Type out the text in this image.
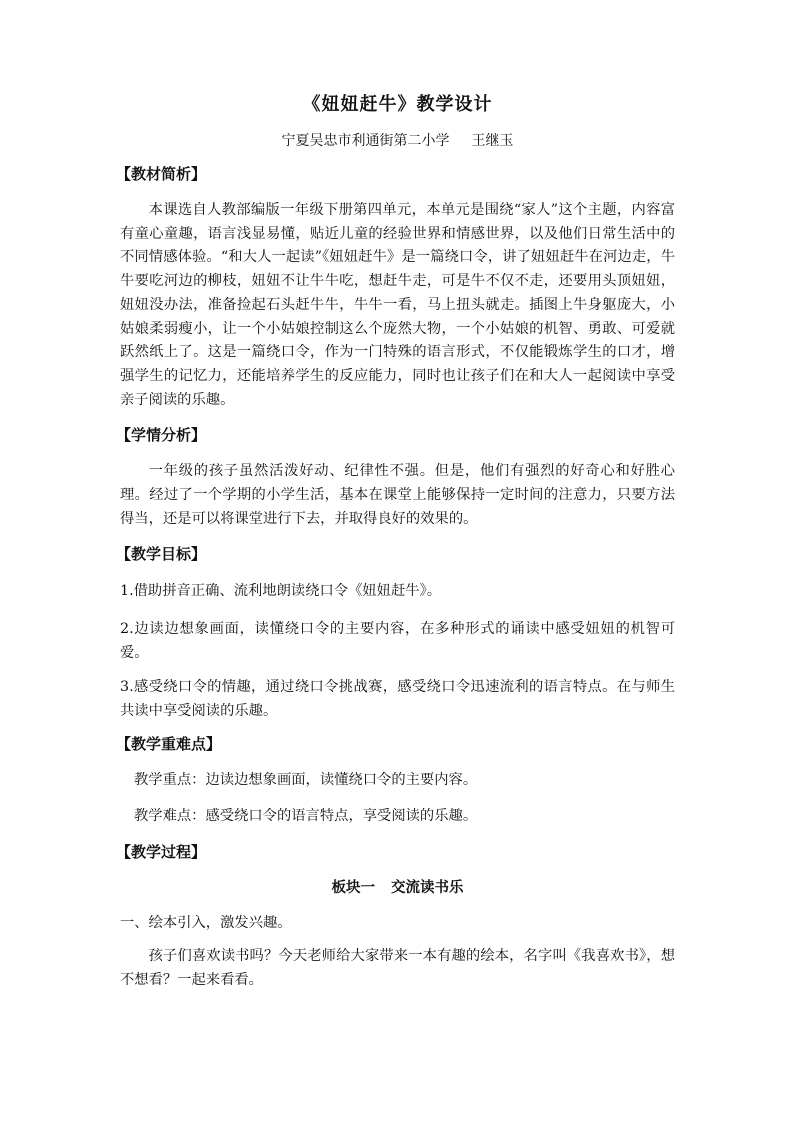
《妞妞赶牛》教学设计
宁夏吴忠市利通街第二小学 王继玉
【教材简析】

本课选自人教部编版一年级下册第四单元，本单元是围绕“家人”这个主题，内容富有童心童趣，语言浅显易懂，贴近儿童的经验世界和情感世界，以及他们日常生活中的不同情感体验。“和大人一起读”《妞妞赶牛》是一篇绕口令，讲了妞妞赶牛在河边走，牛牛要吃河边的柳枝，妞妞不让牛牛吃，想赶牛走，可是牛不仅不走，还要用头顶妞妞，妞妞没办法，准备捡起石头赶牛牛，牛牛一看，马上扭头就走。插图上牛身躯庞大，小姑娘柔弱瘦小，让一个小姑娘控制这么个庞然大物，一个小姑娘的机智、勇敢、可爱就跃然纸上了。这是一篇绕口令，作为一门特殊的语言形式，不仅能锻炼学生的口才，增强学生的记忆力，还能培养学生的反应能力，同时也让孩子们在和大人一起阅读中享受亲子阅读的乐趣。

【学情分析】

一年级的孩子虽然活泼好动、纪律性不强。但是，他们有强烈的好奇心和好胜心理。经过了一个学期的小学生活，基本在课堂上能够保持一定时间的注意力，只要方法得当，还是可以将课堂进行下去，并取得良好的效果的。

【教学目标】

1.借助拼音正确、流利地朗读绕口令《妞妞赶牛》。

2.边读边想象画面，读懂绕口令的主要内容，在多种形式的诵读中感受妞妞的机智可爱。

3.感受绕口令的情趣，通过绕口令挑战赛，感受绕口令迅速流利的语言特点。在与师生共读中享受阅读的乐趣。

【教学重难点】

教学重点：边读边想象画面，读懂绕口令的主要内容。

教学难点：感受绕口令的语言特点，享受阅读的乐趣。

【教学过程】
板块一 交流读书乐

一、绘本引入，激发兴趣。

孩子们喜欢读书吗？今天老师给大家带来一本有趣的绘本，名字叫《我喜欢书》，想不想看？一起来看看。
